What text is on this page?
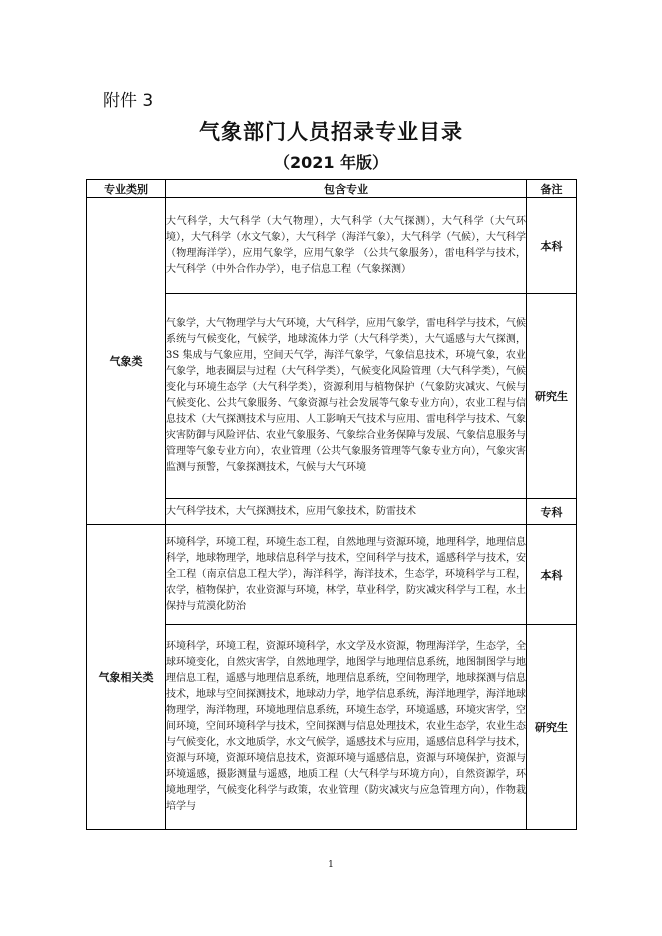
附件 3
气象部门人员招录专业目录
（2021 年版）
专业类别	包含专业	备注
气象类	大气科学，大气科学（大气物理），大气科学（大气探测），大气科学（大气环境），大气科学（水文气象），大气科学（海洋气象），大气科学（气候），大气科学（物理海洋学），应用气象学，应用气象学 （公共气象服务），雷电科学与技术，大气科学（中外合作办学），电子信息工程（气象探测）	本科
	气象学，大气物理学与大气环境，大气科学，应用气象学，雷电科学与技术，气候系统与气候变化，气候学，地球流体力学（大气科学类），大气遥感与大气探测，3S 集成与气象应用，空间天气学，海洋气象学，气象信息技术，环境气象，农业气象学，地表圈层与过程（大气科学类），气候变化风险管理（大气科学类），气候变化与环境生态学（大气科学类），资源利用与植物保护（气象防灾减灾、气候与气候变化、公共气象服务、气象资源与社会发展等气象专业方向），农业工程与信息技术（大气探测技术与应用、人工影响天气技术与应用、雷电科学与技术、气象灾害防御与风险评估、农业气象服务、气象综合业务保障与发展、气象信息服务与管理等气象专业方向），农业管理（公共气象服务管理等气象专业方向），气象灾害监测与预警，气象探测技术，气候与大气环境	研究生
	大气科学技术，大气探测技术，应用气象技术，防雷技术	专科
气象相关类	环境科学，环境工程，环境生态工程，自然地理与资源环境，地理科学，地理信息科学，地球物理学，地球信息科学与技术，空间科学与技术，遥感科学与技术，安全工程（南京信息工程大学），海洋科学，海洋技术，生态学，环境科学与工程，农学，植物保护，农业资源与环境，林学，草业科学，防灾减灾科学与工程，水土保持与荒漠化防治	本科
	环境科学，环境工程，资源环境科学，水文学及水资源，物理海洋学，生态学，全球环境变化，自然灾害学，自然地理学，地图学与地理信息系统，地图制图学与地理信息工程，遥感与地理信息系统，地理信息系统，空间物理学，地球探测与信息技术，地球与空间探测技术，地球动力学，地学信息系统，海洋地理学，海洋地球物理学，海洋物理，环境地理信息系统，环境生态学，环境遥感，环境灾害学，空间环境，空间环境科学与技术，空间探测与信息处理技术，农业生态学，农业生态与气候变化，水文地质学，水文气候学，遥感技术与应用，遥感信息科学与技术，资源与环境，资源环境信息技术，资源环境与遥感信息，资源与环境保护，资源与环境遥感，摄影测量与遥感，地质工程（大气科学与环境方向），自然资源学，环境地理学，气候变化科学与政策，农业管理（防灾减灾与应急管理方向），作物栽培学与	研究生
1
